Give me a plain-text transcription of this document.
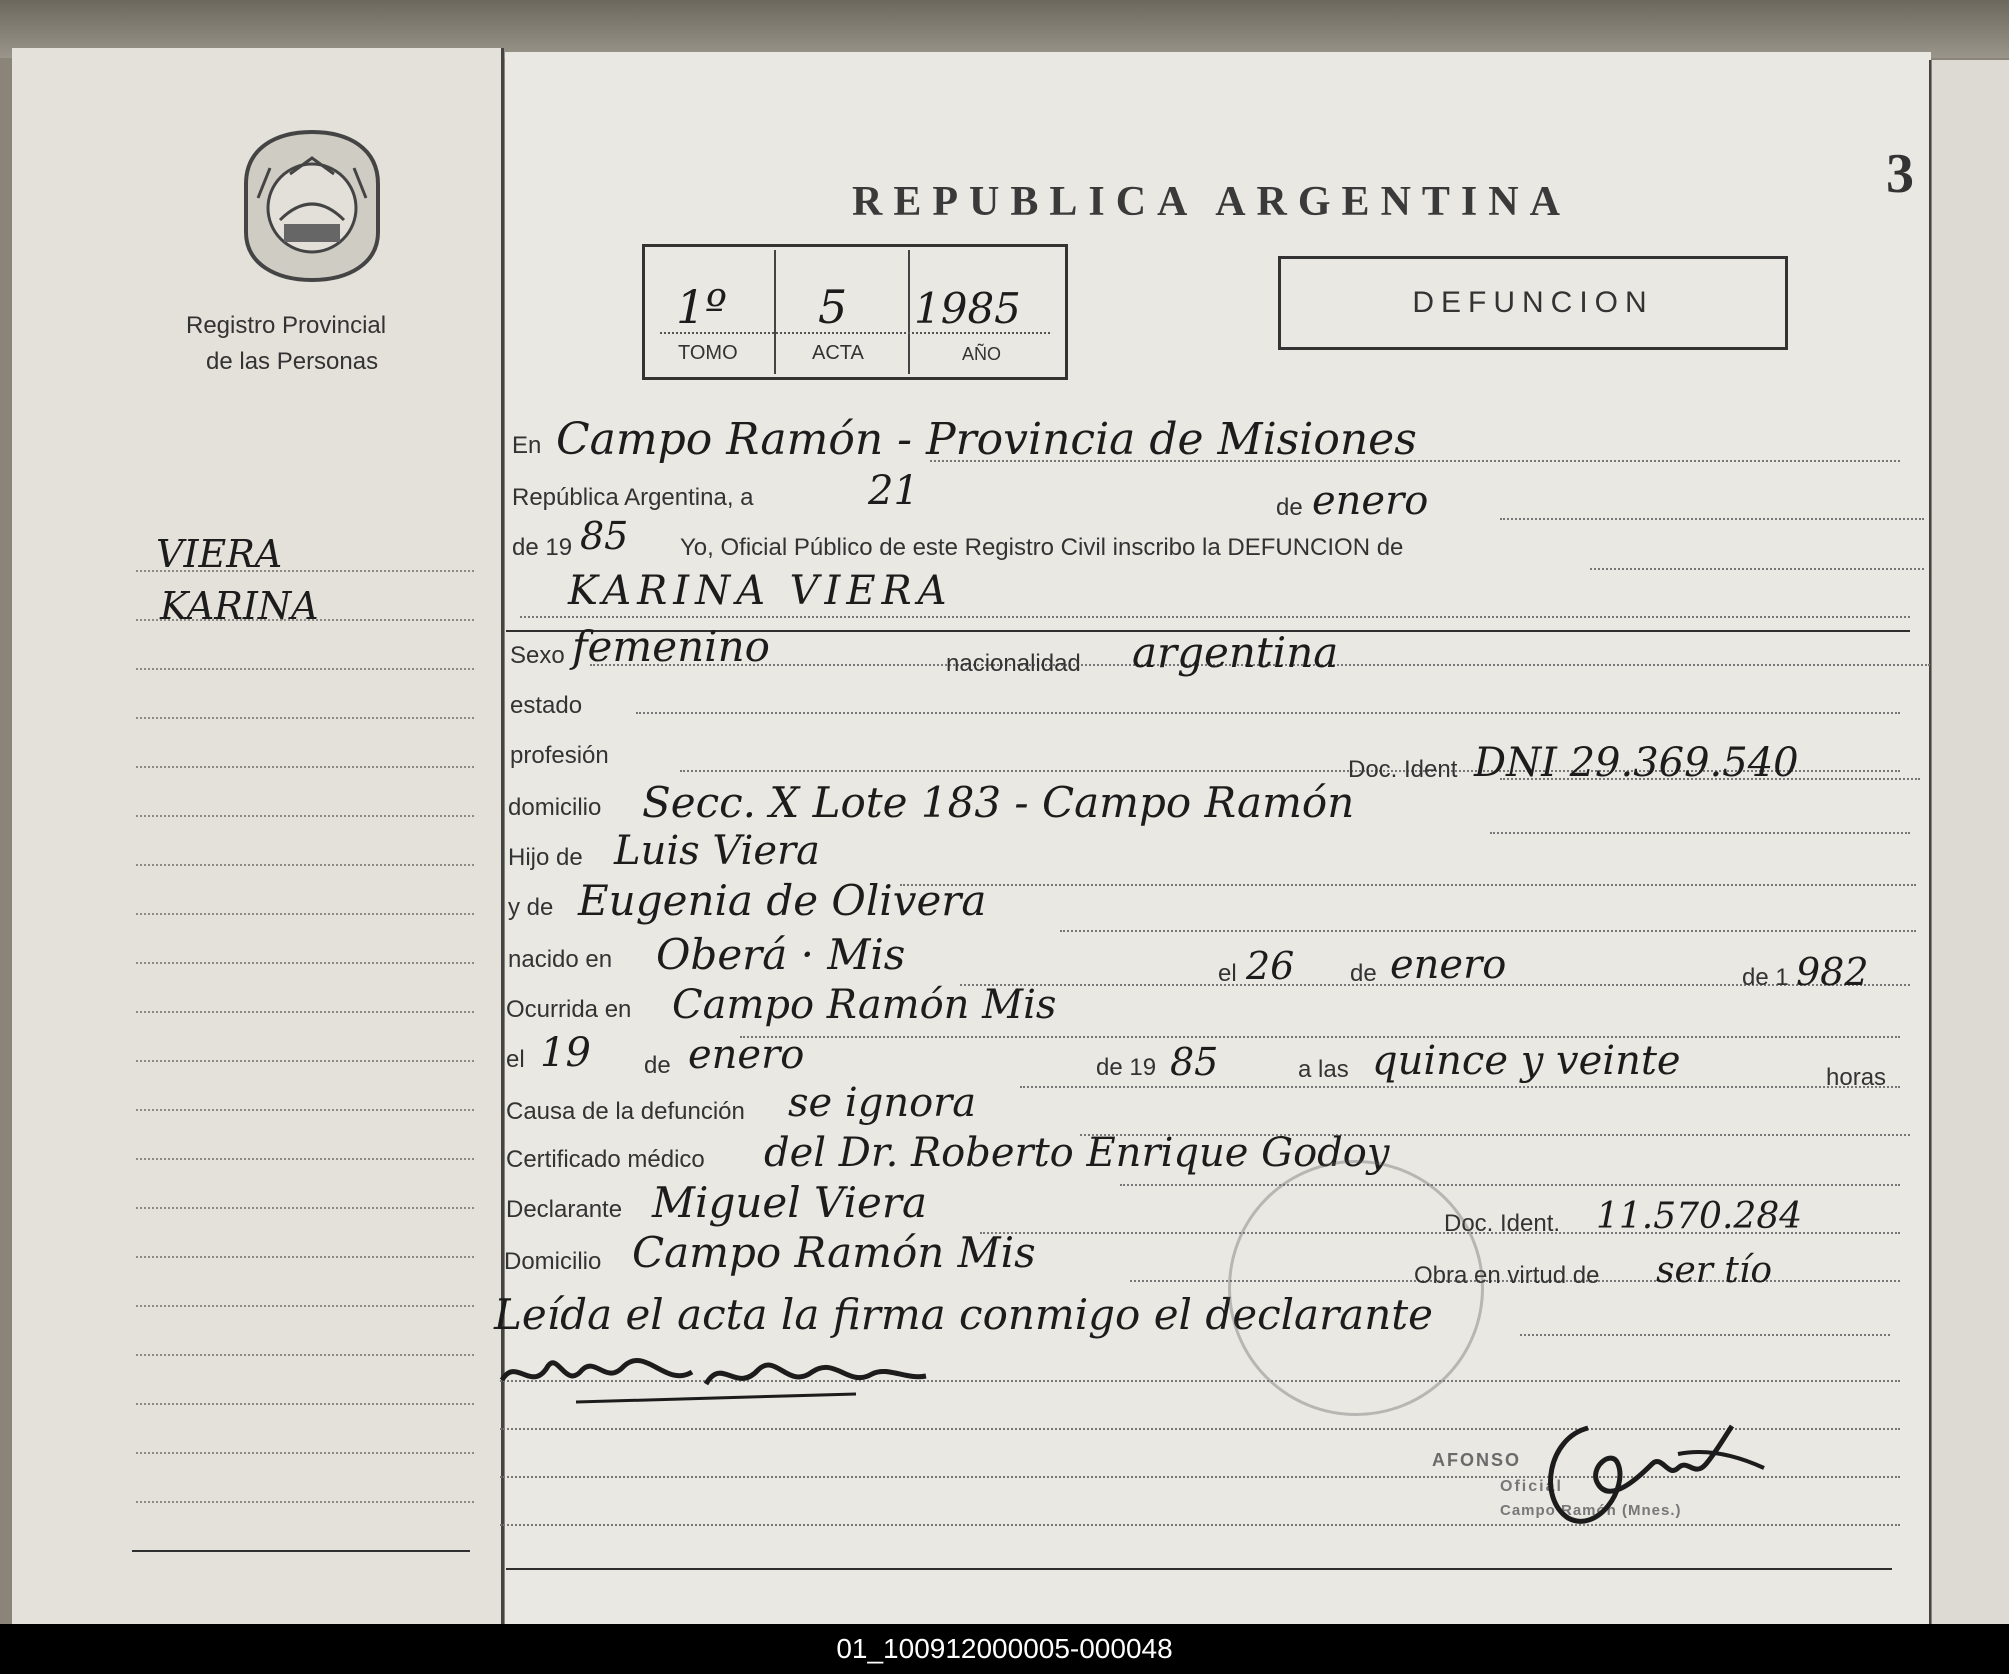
Registro Provincial
de las Personas
VIERA
KARINA
REPUBLICA ARGENTINA	3
1º 5 1985
TOMO	ACTA	AÑO
DEFUNCION
En Campo Ramón - Provincia de Misiones
República Argentina, a	21	de enero
de 19 85 Yo, Oficial Público de este Registro Civil inscribo la DEFUNCION de
KARINA VIERA
Sexo femenino	nacionalidad argentina
estado
profesión
Doc. Ident DNI 29.369.540
domicilio Secc. X Lote 183 - Campo Ramón
Hijo de Luis Viera
y de Eugenia de Olivera
nacido en Oberá · Mis	el 26 de enero	de 1 982
Ocurrida en Campo Ramón Mis
el 19 de enero	de 19 85	a las quince y veinte	horas
Causa de la defunción se ignora
Certificado médico del Dr. Roberto Enrique Godoy
Declarante Miguel Viera	Doc. Ident. 11.570.284
Domicilio Campo Ramón Mis	Obra en virtud de ser tío
Leída el acta la firma conmigo el declarante
AFONSO
Oficial
Campo Ramón (Mnes.)
01_100912000005-000048
